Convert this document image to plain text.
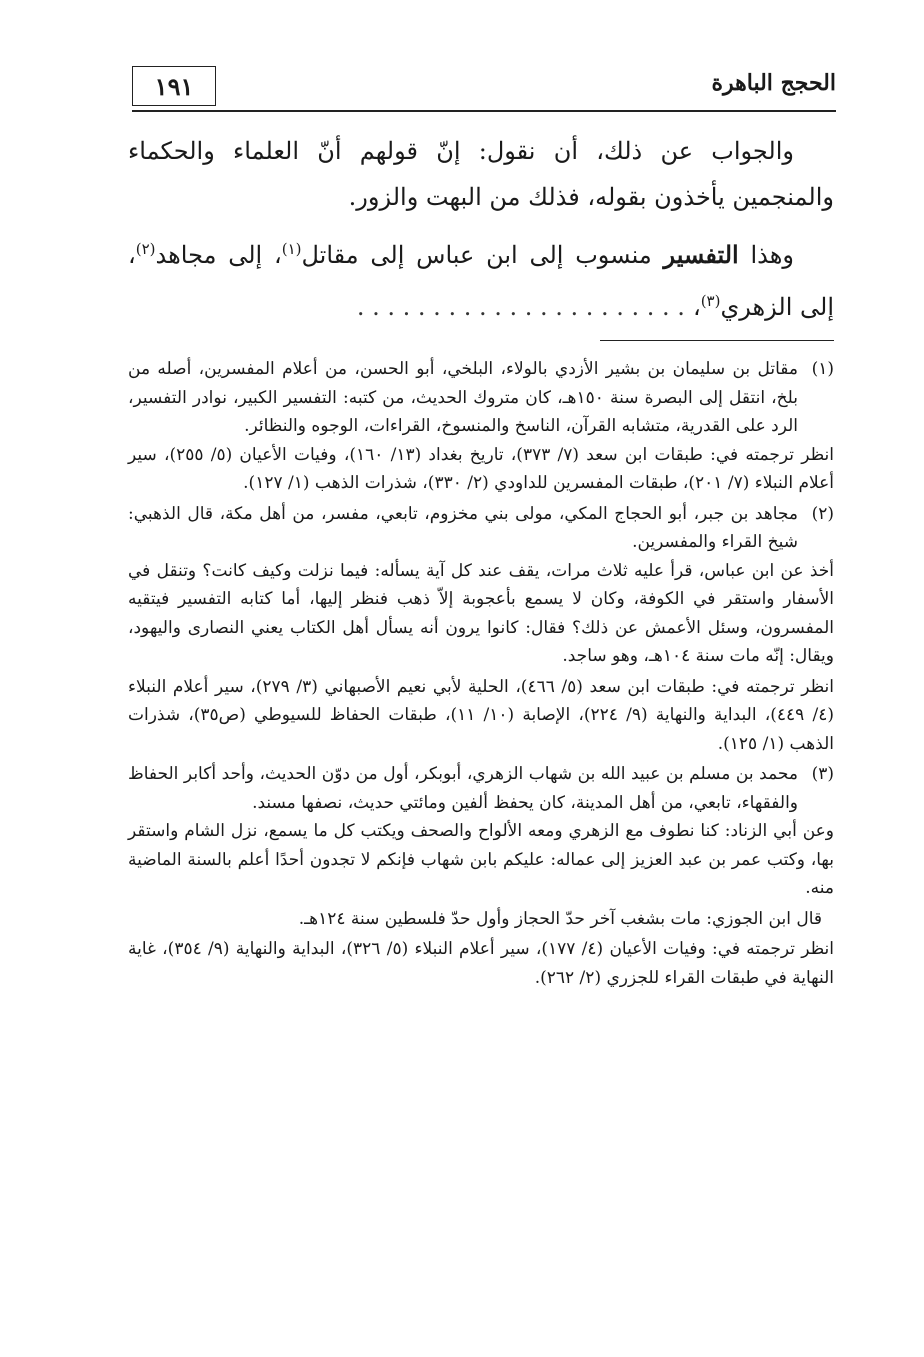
١٩١	الحجج الباهرة

والجواب عن ذلك، أن نقول: إنّ قولهم أنّ العلماء والحكماء والمنجمين يأخذون بقوله، فذلك من البهت والزور.

وهذا التفسير منسوب إلى ابن عباس إلى مقاتل$^{(١)}$، إلى مجاهد$^{(٢)}$، إلى الزهري$^{(٣)}$،. . . . . . . . . . . . . . . . . . . . . .

(١)
مقاتل بن سليمان بن بشير الأزدي بالولاء، البلخي، أبو الحسن، من أعلام المفسرين، أصله من بلخ، انتقل إلى البصرة سنة ١٥٠هـ، كان متروك الحديث، من كتبه: التفسير الكبير، نوادر التفسير، الرد على القدرية، متشابه القرآن، الناسخ والمنسوخ، القراءات، الوجوه والنظائر.
انظر ترجمته في: طبقات ابن سعد (٧/ ٣٧٣)، تاريخ بغداد (١٣/ ١٦٠)، وفيات الأعيان (٥/ ٢٥٥)، سير أعلام النبلاء (٧/ ٢٠١)، طبقات المفسرين للداودي (٢/ ٣٣٠)، شذرات الذهب (١/ ١٢٧).
(٢)
مجاهد بن جبر، أبو الحجاج المكي، مولى بني مخزوم، تابعي، مفسر، من أهل مكة، قال الذهبي: شيخ القراء والمفسرين.
أخذ عن ابن عباس، قرأ عليه ثلاث مرات، يقف عند كل آية يسأله: فيما نزلت وكيف كانت؟ وتنقل في الأسفار واستقر في الكوفة، وكان لا يسمع بأعجوبة إلاّ ذهب فنظر إليها، أما كتابه التفسير فيتقيه المفسرون، وسئل الأعمش عن ذلك؟ فقال: كانوا يرون أنه يسأل أهل الكتاب يعني النصارى واليهود، ويقال: إنّه مات سنة ١٠٤هـ، وهو ساجد.
انظر ترجمته في: طبقات ابن سعد (٥/ ٤٦٦)، الحلية لأبي نعيم الأصبهاني (٣/ ٢٧٩)، سير أعلام النبلاء (٤/ ٤٤٩)، البداية والنهاية (٩/ ٢٢٤)، الإصابة (١٠/ ١١)، طبقات الحفاظ للسيوطي (ص٣٥)، شذرات الذهب (١/ ١٢٥).
(٣)
محمد بن مسلم بن عبيد الله بن شهاب الزهري، أبوبكر، أول من دوّن الحديث، وأحد أكابر الحفاظ والفقهاء، تابعي، من أهل المدينة، كان يحفظ ألفين ومائتي حديث، نصفها مسند.
وعن أبي الزناد: كنا نطوف مع الزهري ومعه الألواح والصحف ويكتب كل ما يسمع، نزل الشام واستقر بها، وكتب عمر بن عبد العزيز إلى عماله: عليكم بابن شهاب فإنكم لا تجدون أحدًا أعلم بالسنة الماضية منه.
قال ابن الجوزي: مات بشغب آخر حدّ الحجاز وأول حدّ فلسطين سنة ١٢٤هـ.
انظر ترجمته في: وفيات الأعيان (٤/ ١٧٧)، سير أعلام النبلاء (٥/ ٣٢٦)، البداية والنهاية (٩/ ٣٥٤)، غاية النهاية في طبقات القراء للجزري (٢/ ٢٦٢).
